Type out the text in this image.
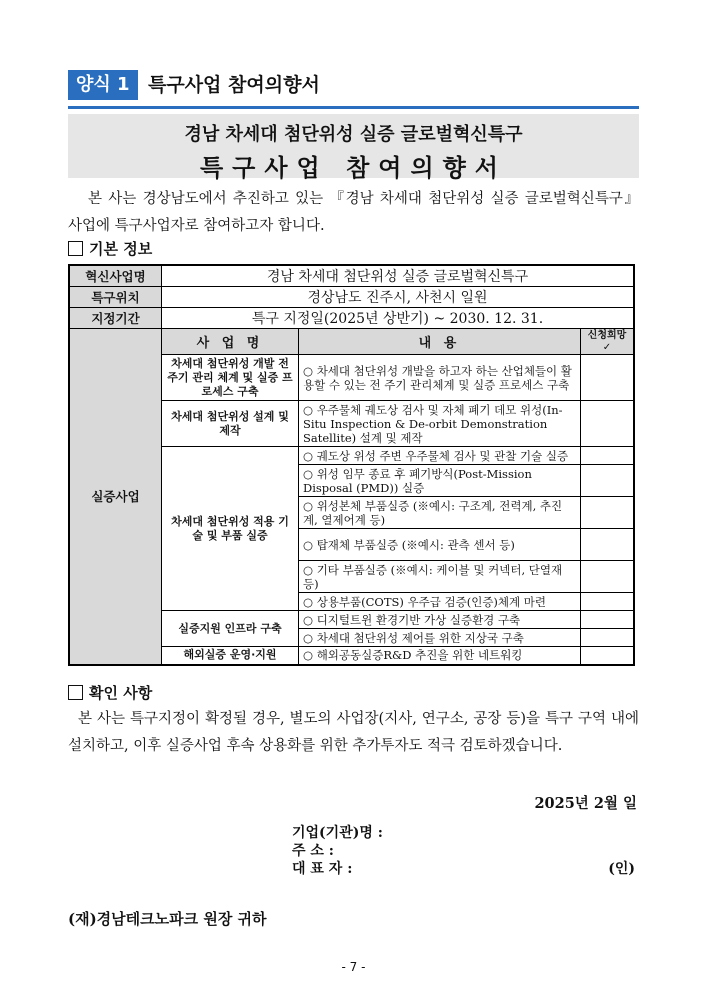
양식 1 특구사업 참여의향서
경남 차세대 첨단위성 실증 글로벌혁신특구
특구사업 참여의향서
본 사는 경상남도에서 추진하고 있는 『경남 차세대 첨단위성 실증 글로벌혁신특구』 사업에 특구사업자로 참여하고자 합니다.
기본 정보
혁신사업명	경남 차세대 첨단위성 실증 글로벌혁신특구		
특구위치	경상남도 진주시, 사천시 일원		
지정기간	특구 지정일(2025년 상반기) ~ 2030. 12. 31.		
실증사업	사 업 명	내 용	신청희망
✓

	차세대 첨단위성 개발 전주기 관리 체계 및 실증 프로세스 구축	○ 차세대 첨단위성 개발을 하고자 하는 산업체들이 활용할 수 있는 전 주기 관리체계 및 실증 프로세스 구축	
	차세대 첨단위성 설계 및 제작	○ 우주물체 궤도상 검사 및 자체 폐기 데모 위성(In-Situ Inspection & De-orbit Demonstration Satellite) 설계 및 제작	
	차세대 첨단위성 적용 기술 및 부품 실증	○ 궤도상 위성 주변 우주물체 검사 및 관찰 기술 실증	
		○ 위성 임무 종료 후 폐기방식(Post-Mission Disposal (PMD)) 실증	
		○ 위성본체 부품실증 (※예시: 구조계, 전력계, 추진계, 열제어계 등)	
		○ 탑재체 부품실증 (※예시: 관측 센서 등)	
		○ 기타 부품실증 (※예시: 케이블 및 커넥터, 단열재 등)	
		○ 상용부품(COTS) 우주급 검증(인증)체계 마련	
	실증지원 인프라 구축	○ 디지털트윈 환경기반 가상 실증환경 구축	
		○ 차세대 첨단위성 제어를 위한 지상국 구축	
	해외실증 운영·지원	○ 해외공동실증R&D 추진을 위한 네트워킹	
확인 사항
본 사는 특구지정이 확정될 경우, 별도의 사업장(지사, 연구소, 공장 등)을 특구 구역 내에 설치하고, 이후 실증사업 후속 상용화를 위한 추가투자도 적극 검토하겠습니다.
2025년 2월 일
기업(기관)명 :
주 소 :
대 표 자 :	(인)
(재)경남테크노파크 원장 귀하
- 7 -
